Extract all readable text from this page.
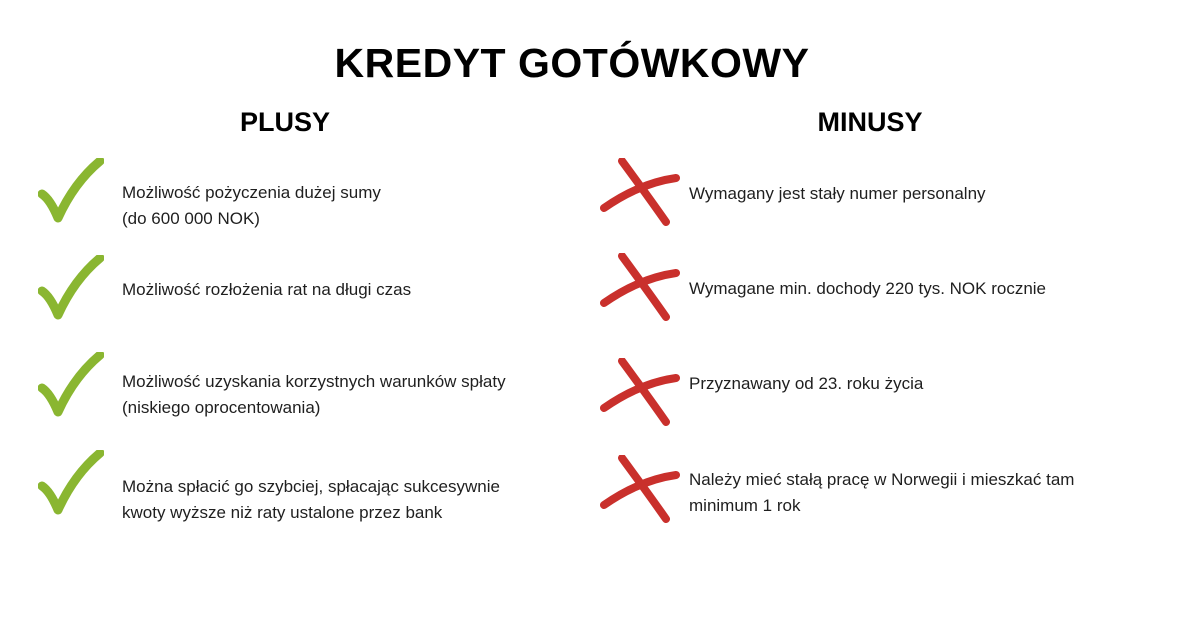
KREDYT GOTÓWKOWY
PLUSY	MINUSY
Możliwość pożyczenia dużej sumy
(do 600 000 NOK)
Możliwość rozłożenia rat na długi czas
Możliwość uzyskania korzystnych warunków spłaty
(niskiego oprocentowania)
Można spłacić go szybciej, spłacając sukcesywnie
kwoty wyższe niż raty ustalone przez bank
Wymagany jest stały numer personalny
Wymagane min. dochody 220 tys. NOK rocznie
Przyznawany od 23. roku życia
Należy mieć stałą pracę w Norwegii i mieszkać tam
minimum 1 rok
